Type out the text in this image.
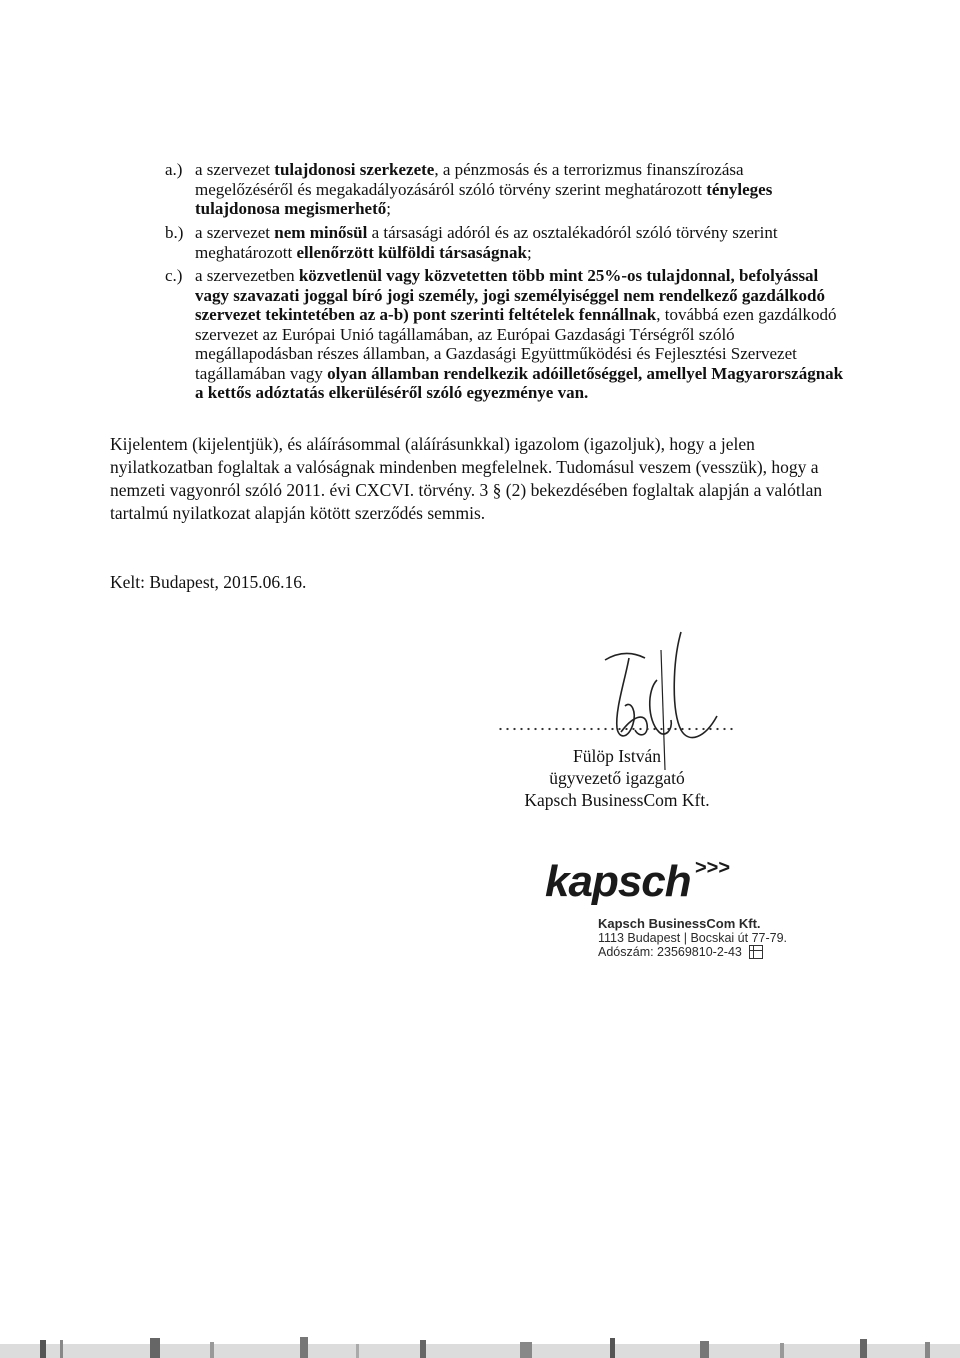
a.) a szervezet tulajdonosi szerkezete, a pénzmosás és a terrorizmus finanszírozása megelőzéséről és megakadályozásáról szóló törvény szerint meghatározott tényleges tulajdonosa megismerhető;
b.) a szervezet nem minősül a társasági adóról és az osztalékadóról szóló törvény szerint meghatározott ellenőrzött külföldi társaságnak;
c.) a szervezetben közvetlenül vagy közvetetten több mint 25%-os tulajdonnal, befolyással vagy szavazati joggal bíró jogi személy, jogi személyiséggel nem rendelkező gazdálkodó szervezet tekintetében az a-b) pont szerinti feltételek fennállnak, továbbá ezen gazdálkodó szervezet az Európai Unió tagállamában, az Európai Gazdasági Térségről szóló megállapodásban részes államban, a Gazdasági Együttműködési és Fejlesztési Szervezet tagállamában vagy olyan államban rendelkezik adóilletőséggel, amellyel Magyarországnak a kettős adóztatás elkerüléséről szóló egyezménye van.

Kijelentem (kijelentjük), és aláírásommal (aláírásunkkal) igazolom (igazoljuk), hogy a jelen nyilatkozatban foglaltak a valóságnak mindenben megfelelnek. Tudomásul veszem (vesszük), hogy a nemzeti vagyonról szóló 2011. évi CXCVI. törvény. 3 § (2) bekezdésében foglaltak alapján a valótlan tartalmú nyilatkozat alapján kötött szerződés semmis.

Kelt: Budapest, 2015.06.16.
Fülöp István
ügyvezető igazgató
Kapsch BusinessCom Kft.
kapsch >>>
Kapsch BusinessCom Kft.
1113 Budapest | Bocskai út 77-79.
Adószám: 23569810-2-43
